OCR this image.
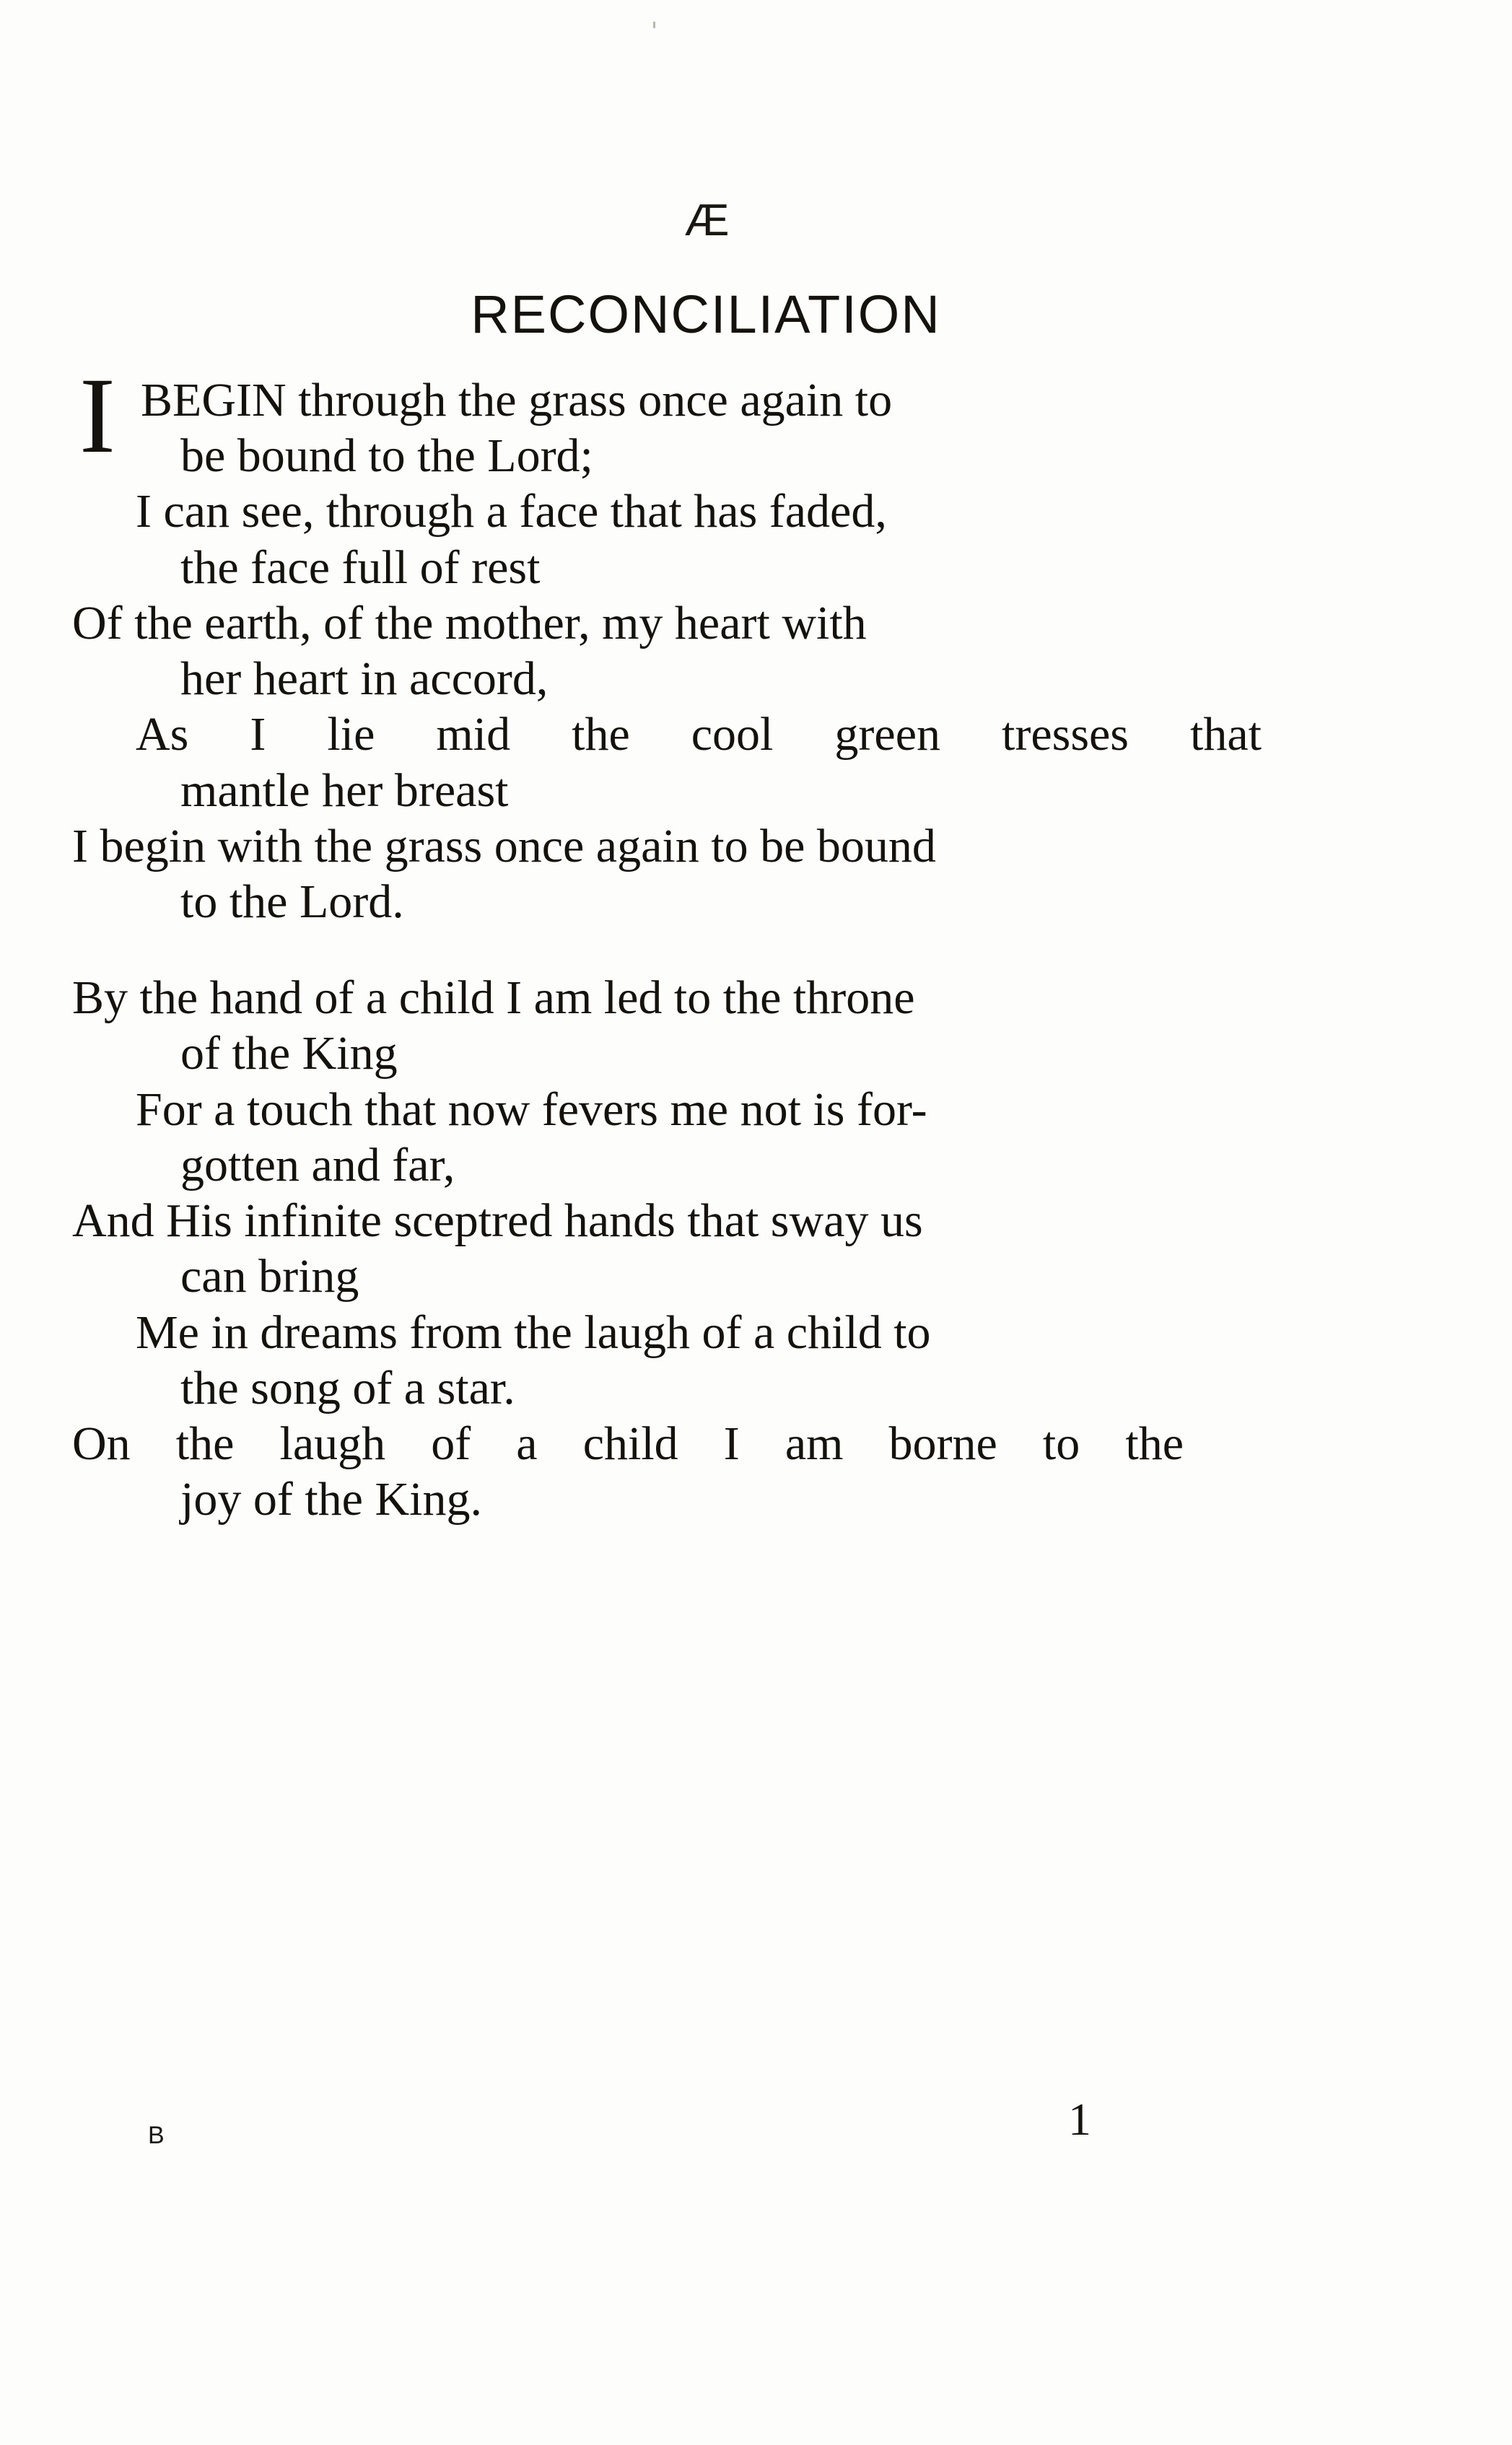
Æ
RECONCILIATION
I BEGIN through the grass once again to
be bound to the Lord;
I can see, through a face that has faded,
the face full of rest
Of the earth, of the mother, my heart with
her heart in accord,
As I lie mid the cool green tresses that
mantle her breast
I begin with the grass once again to be bound
to the Lord.
By the hand of a child I am led to the throne
of the King
For a touch that now fevers me not is for-
gotten and far,
And His infinite sceptred hands that sway us
can bring
Me in dreams from the laugh of a child to
the song of a star.
On the laugh of a child I am borne to the
joy of the King.
B	1
